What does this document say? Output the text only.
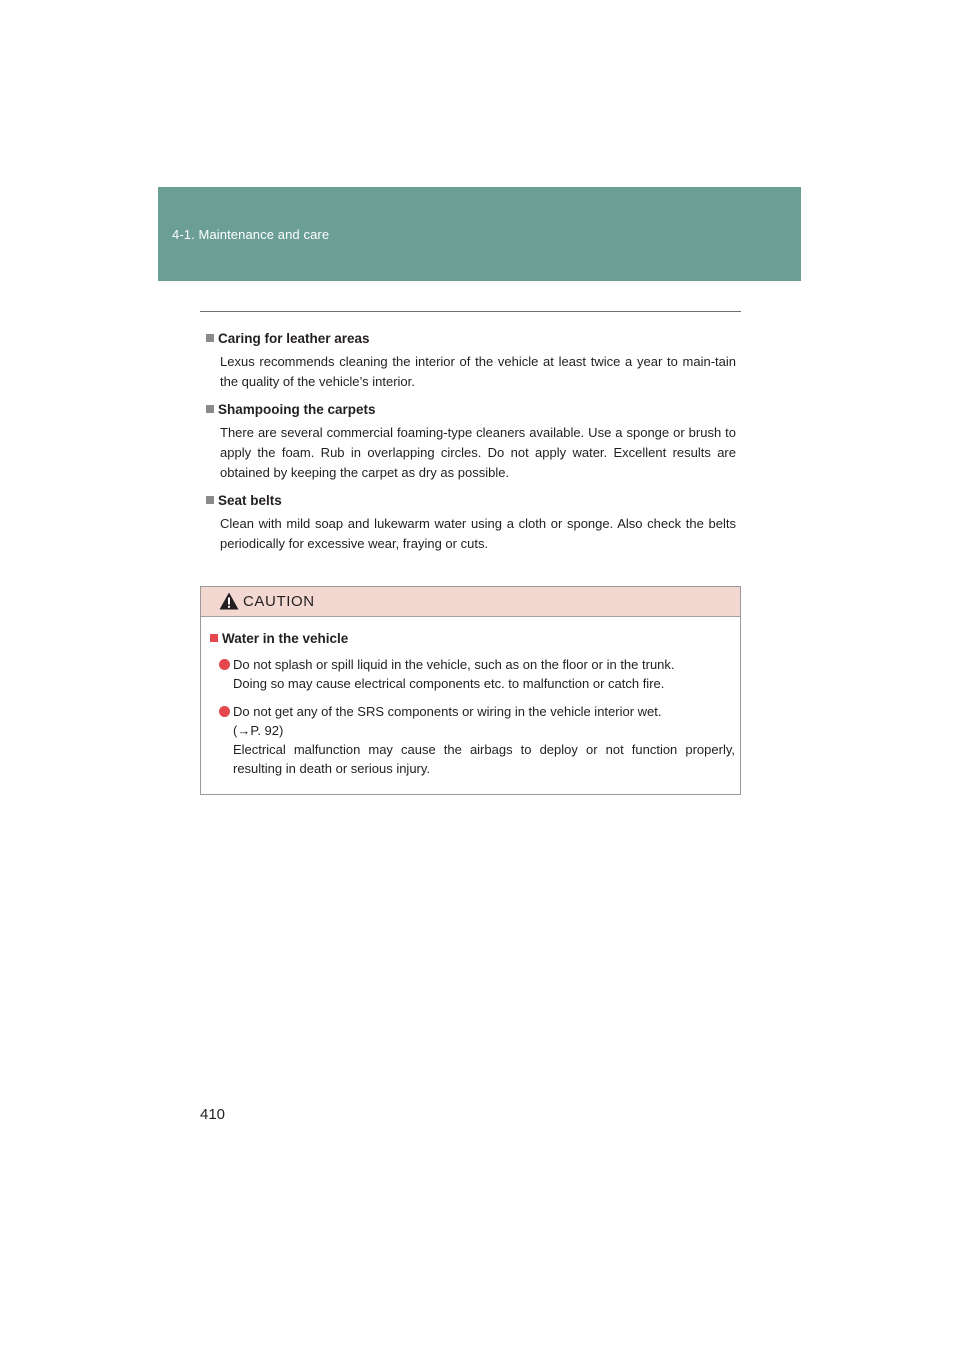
4-1. Maintenance and care
Caring for leather areas
Lexus recommends cleaning the interior of the vehicle at least twice a year to main-tain the quality of the vehicle’s interior.
Shampooing the carpets
There are several commercial foaming-type cleaners available. Use a sponge or brush to apply the foam. Rub in overlapping circles. Do not apply water. Excellent results are obtained by keeping the carpet as dry as possible.
Seat belts
Clean with mild soap and lukewarm water using a cloth or sponge. Also check the belts periodically for excessive wear, fraying or cuts.
CAUTION
Water in the vehicle
Do not splash or spill liquid in the vehicle, such as on the floor or in the trunk.
Doing so may cause electrical components etc. to malfunction or catch fire.
Do not get any of the SRS components or wiring in the vehicle interior wet.
(→P. 92)
Electrical malfunction may cause the airbags to deploy or not function properly, resulting in death or serious injury.
410
